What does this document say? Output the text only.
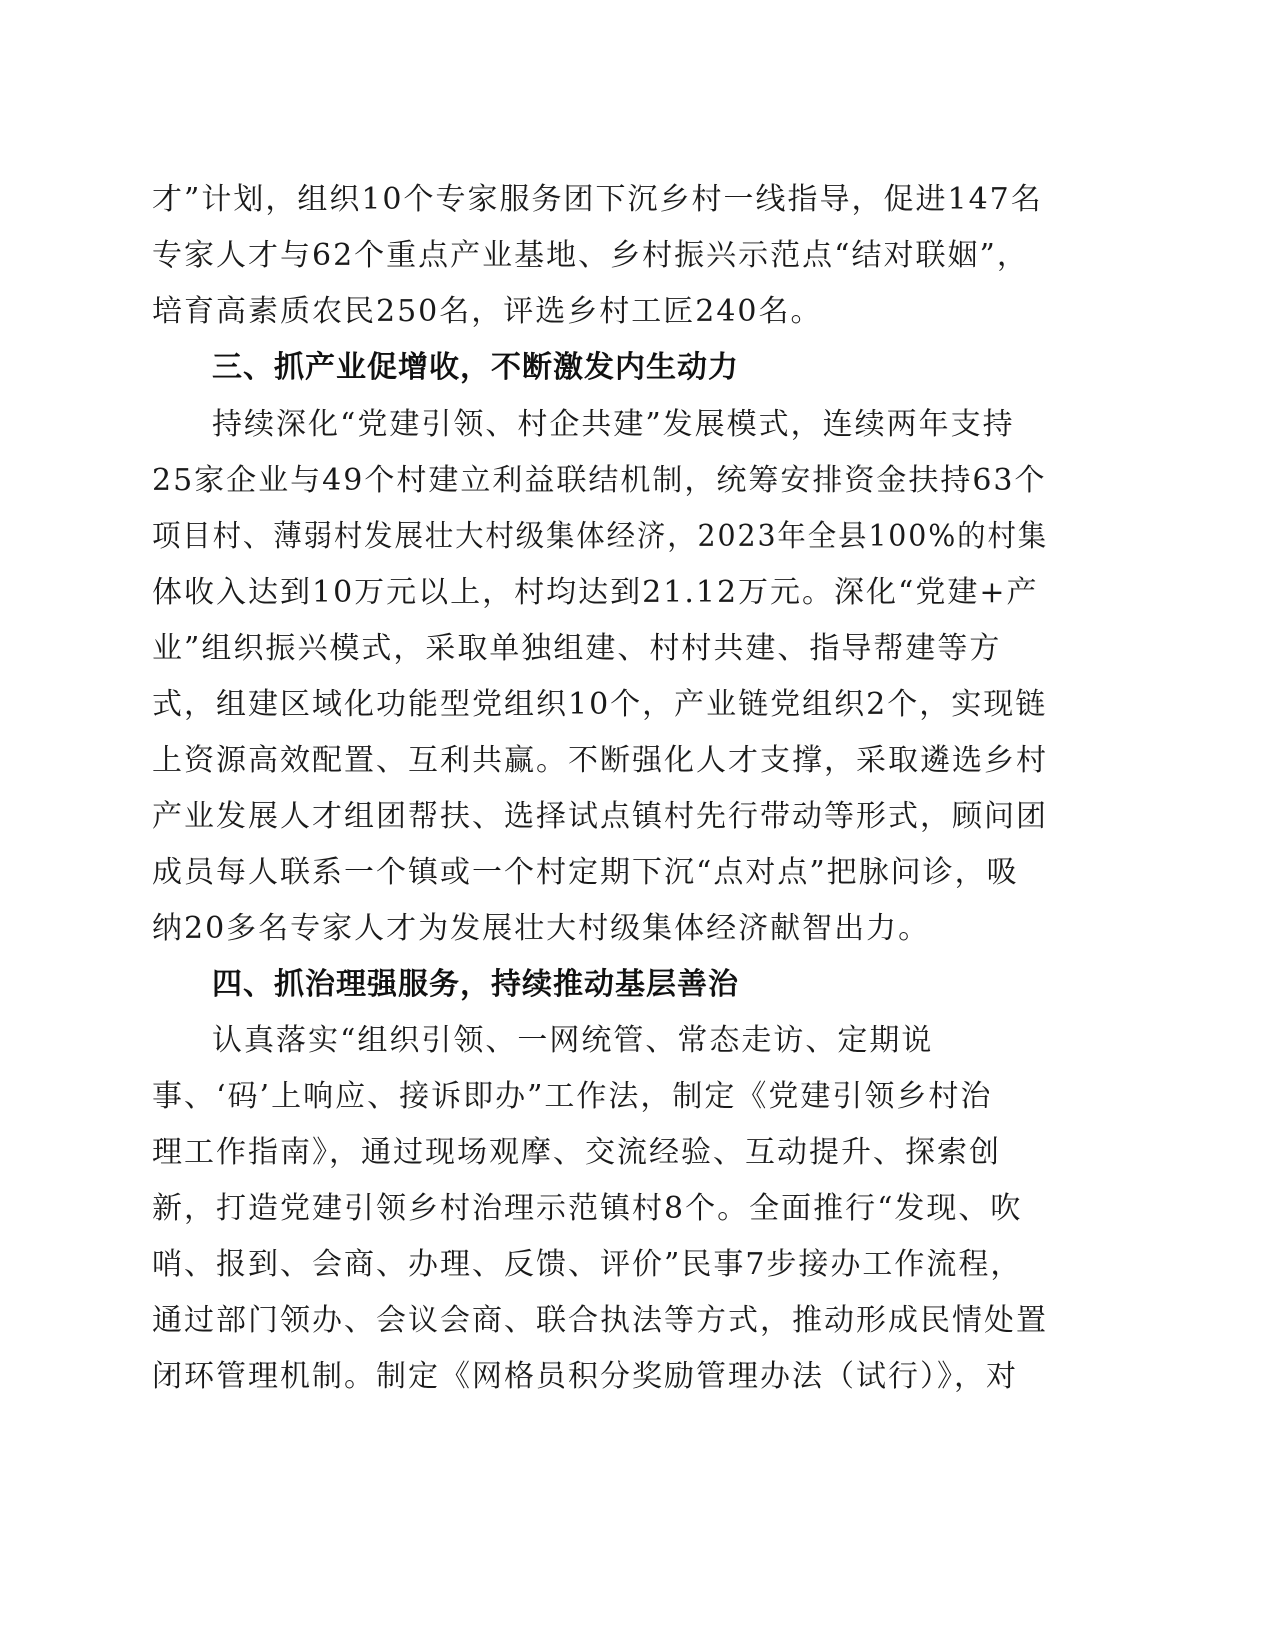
才”计划，组织10个专家服务团下沉乡村一线指导，促进147名
专家人才与62个重点产业基地、乡村振兴示范点“结对联姻”，
培育高素质农民250名，评选乡村工匠240名。
三、抓产业促增收，不断激发内生动力
持续深化“党建引领、村企共建”发展模式，连续两年支持
25家企业与49个村建立利益联结机制，统筹安排资金扶持63个
项目村、薄弱村发展壮大村级集体经济，2023年全县100%的村集
体收入达到10万元以上，村均达到21.12万元。深化“党建+产
业”组织振兴模式，采取单独组建、村村共建、指导帮建等方
式，组建区域化功能型党组织10个，产业链党组织2个，实现链
上资源高效配置、互利共赢。不断强化人才支撑，采取遴选乡村
产业发展人才组团帮扶、选择试点镇村先行带动等形式，顾问团
成员每人联系一个镇或一个村定期下沉“点对点”把脉问诊，吸
纳20多名专家人才为发展壮大村级集体经济献智出力。
四、抓治理强服务，持续推动基层善治
认真落实“组织引领、一网统管、常态走访、定期说
事、‘码’上响应、接诉即办”工作法，制定《党建引领乡村治
理工作指南》，通过现场观摩、交流经验、互动提升、探索创
新，打造党建引领乡村治理示范镇村8个。全面推行“发现、吹
哨、报到、会商、办理、反馈、评价”民事7步接办工作流程，
通过部门领办、会议会商、联合执法等方式，推动形成民情处置
闭环管理机制。制定《网格员积分奖励管理办法（试行）》，对
